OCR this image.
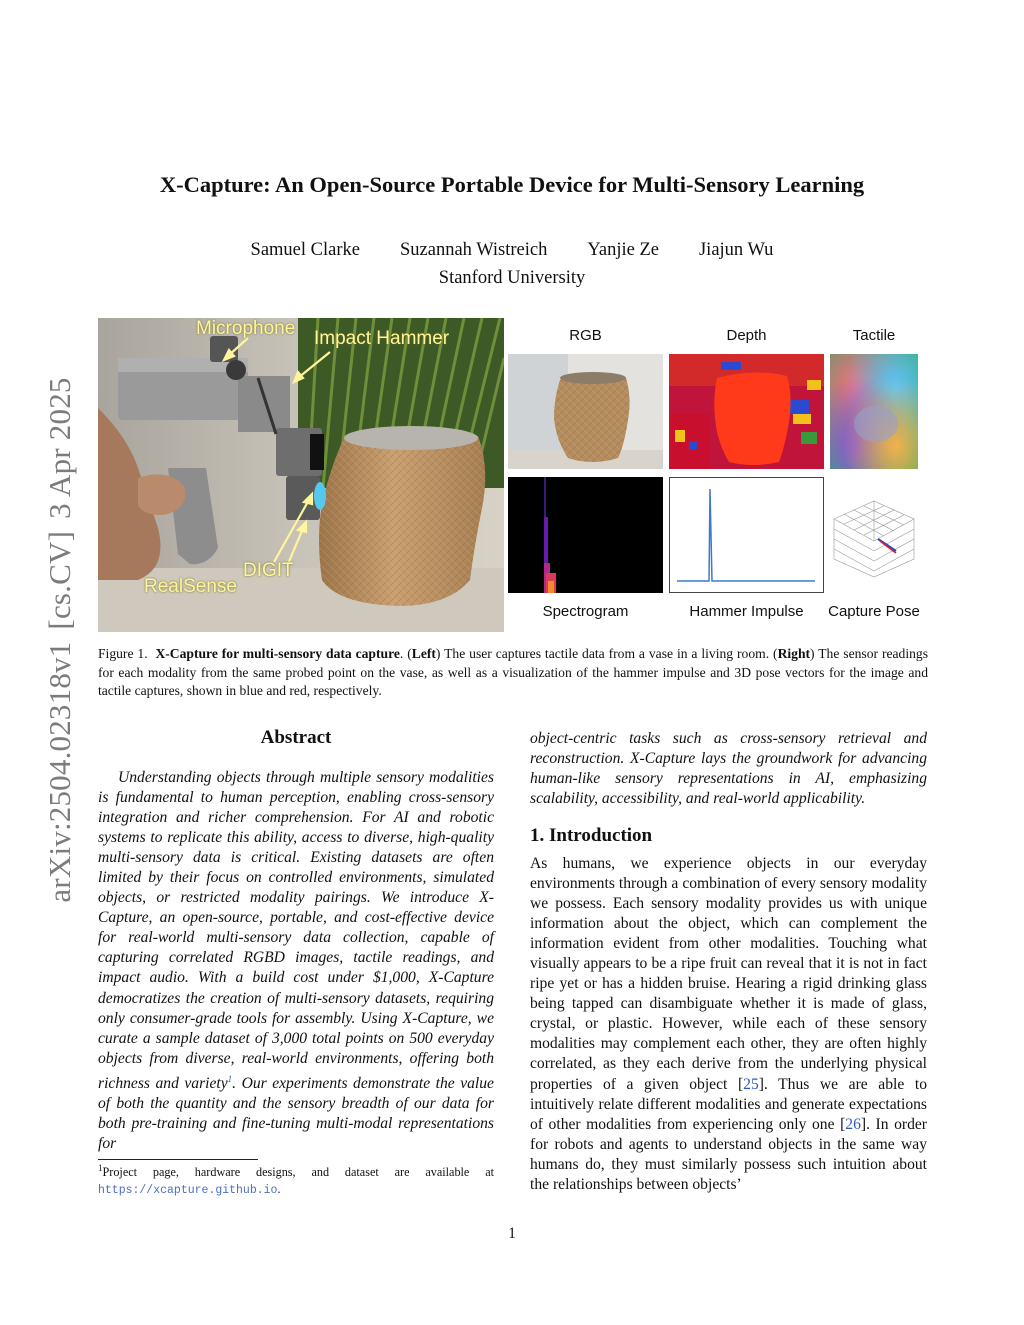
arXiv:2504.02318v1[cs.CV]3 Apr 2025
X-Capture: An Open-Source Portable Device for Multi-Sensory Learning
Samuel Clarke Suzannah Wistreich Yanjie Ze Jiajun Wu
Stanford University
Microphone Impact Hammer
DIGIT
RealSense
RGB	Depth	Tactile
Spectrogram	Hammer Impulse	Capture Pose
Figure 1. X-Capture for multi-sensory data capture. (Left) The user captures tactile data from a vase in a living room. (Right) The sensor readings for each modality from the same probed point on the vase, as well as a visualization of the hammer impulse and 3D pose vectors for the image and tactile captures, shown in blue and red, respectively.
Abstract
Understanding objects through multiple sensory modalities is fundamental to human perception, enabling cross-sensory integration and richer comprehension. For AI and robotic systems to replicate this ability, access to diverse, high-quality multi-sensory data is critical. Existing datasets are often limited by their focus on controlled environments, simulated objects, or restricted modality pairings. We introduce X-Capture, an open-source, portable, and cost-effective device for real-world multi-sensory data collection, capable of capturing correlated RGBD images, tactile readings, and impact audio. With a build cost under $1,000, X-Capture democratizes the creation of multi-sensory datasets, requiring only consumer-grade tools for assembly. Using X-Capture, we curate a sample dataset of 3,000 total points on 500 everyday objects from diverse, real-world environments, offering both richness and variety$^1$. Our experiments demonstrate the value of both the quantity and the sensory breadth of our data for both pre-training and fine-tuning multi-modal representations for
object-centric tasks such as cross-sensory retrieval and reconstruction. X-Capture lays the groundwork for advancing human-like sensory representations in AI, emphasizing scalability, accessibility, and real-world applicability.
1. Introduction
As humans, we experience objects in our everyday environments through a combination of every sensory modality we possess. Each sensory modality provides us with unique information about the object, which can complement the information evident from other modalities. Touching what visually appears to be a ripe fruit can reveal that it is not in fact ripe yet or has a hidden bruise. Hearing a rigid drinking glass being tapped can disambiguate whether it is made of glass, crystal, or plastic. However, while each of these sensory modalities may complement each other, they are often highly correlated, as they each derive from the underlying physical properties of a given object [25]. Thus we are able to intuitively relate different modalities and generate expectations of other modalities from experiencing only one [26]. In order for robots and agents to understand objects in the same way humans do, they must similarly possess such intuition about the relationships between objects’
$^1$Project page, hardware designs, and dataset are available at https://xcapture.github.io.
1
